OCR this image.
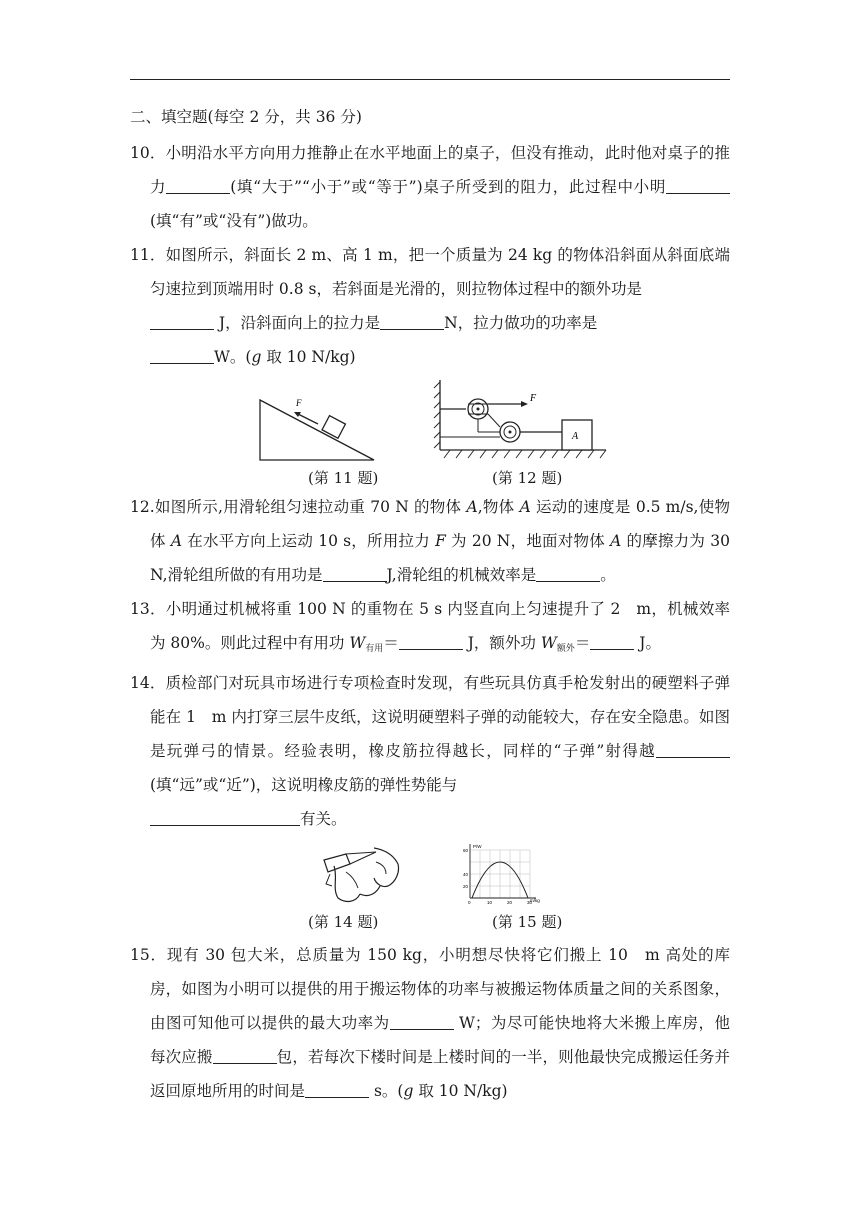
二、填空题(每空 2 分，共 36 分)
10．小明沿水平方向用力推静止在水平地面上的桌子，但没有推动，此时他对桌子的推力	(填“大于”“小于”或“等于”)桌子所受到的阻力，此过程中小明(填“有”或“没有”)做功。
11．如图所示，斜面长 2 m、高 1 m，把一个质量为 24 kg 的物体沿斜面从斜面底端匀速拉到顶端用时 0.8 s，若斜面是光滑的，则拉物体过程中的额外功是
J，沿斜面向上的拉力是	N，拉力做功的功率是
W。(g 取 10 N/kg)
F	F
A
(第 11 题)	(第 12 题)
12.如图所示,用滑轮组匀速拉动重 70 N 的物体 A,物体 A 运动的速度是 0.5 m/s,使物体 A 在水平方向上运动 10 s，所用拉力 F 为 20 N，地面对物体 A 的摩擦力为 30 N,滑轮组所做的有用功是	J,滑轮组的机械效率是	。
13．小明通过机械将重 100 N 的重物在 5 s 内竖直向上匀速提升了 2　m，机械效率为 80%。则此过程中有用功 $W_{有用}=$	J，额外功 $W_{额外}=$	J。
14．质检部门对玩具市场进行专项检查时发现，有些玩具仿真手枪发射出的硬塑料子弹能在 1　m 内打穿三层牛皮纸，这说明硬塑料子弹的动能较大，存在安全隐患。如图是玩弹弓的情景。经验表明，橡皮筋拉得越长，同样的“子弹”射得越(填“远”或“近”)，这说明橡皮筋的弹性势能与
有关。
P/W
m/kg
60
40
20
0	10	20	30
(第 14 题)	(第 15 题)
15．现有 30 包大米，总质量为 150 kg，小明想尽快将它们搬上 10　m 高处的库房，如图为小明可以提供的用于搬运物体的功率与被搬运物体质量之间的关系图象，由图可知他可以提供的最大功率为	W；为尽可能快地将大米搬上库房，他每次应搬	包，若每次下楼时间是上楼时间的一半，则他最快完成搬运任务并返回原地所用的时间是	s。(g 取 10 N/kg)
